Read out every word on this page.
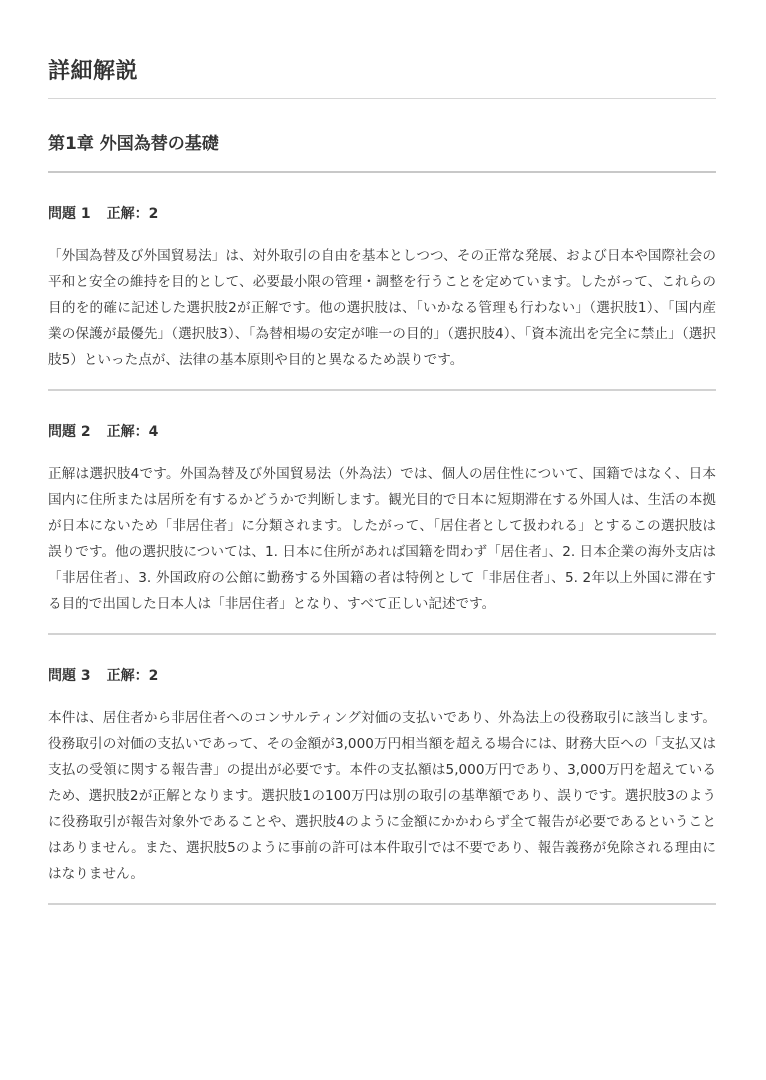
詳細解説
第1章 外国為替の基礎

問題 1 正解：2

「外国為替及び外国貿易法」は、対外取引の自由を基本としつつ、その正常な発展、および日本や国際社会の平和と安全の維持を目的として、必要最小限の管理・調整を行うことを定めています。したがって、これらの目的を的確に記述した選択肢2が正解です。他の選択肢は、「いかなる管理も行わない」（選択肢1）、「国内産業の保護が最優先」（選択肢3）、「為替相場の安定が唯一の目的」（選択肢4）、「資本流出を完全に禁止」（選択肢5）といった点が、法律の基本原則や目的と異なるため誤りです。

問題 2 正解：4

正解は選択肢4です。外国為替及び外国貿易法（外為法）では、個人の居住性について、国籍ではなく、日本国内に住所または居所を有するかどうかで判断します。観光目的で日本に短期滞在する外国人は、生活の本拠が日本にないため「非居住者」に分類されます。したがって、「居住者として扱われる」とするこの選択肢は誤りです。他の選択肢については、1. 日本に住所があれば国籍を問わず「居住者」、2. 日本企業の海外支店は「非居住者」、3. 外国政府の公館に勤務する外国籍の者は特例として「非居住者」、5. 2年以上外国に滞在する目的で出国した日本人は「非居住者」となり、すべて正しい記述です。

問題 3 正解：2

本件は、居住者から非居住者へのコンサルティング対価の支払いであり、外為法上の役務取引に該当します。役務取引の対価の支払いであって、その金額が3,000万円相当額を超える場合には、財務大臣への「支払又は支払の受領に関する報告書」の提出が必要です。本件の支払額は5,000万円であり、3,000万円を超えているため、選択肢2が正解となります。選択肢1の100万円は別の取引の基準額であり、誤りです。選択肢3のように役務取引が報告対象外であることや、選択肢4のように金額にかかわらず全て報告が必要であるということはありません。また、選択肢5のように事前の許可は本件取引では不要であり、報告義務が免除される理由にはなりません。
